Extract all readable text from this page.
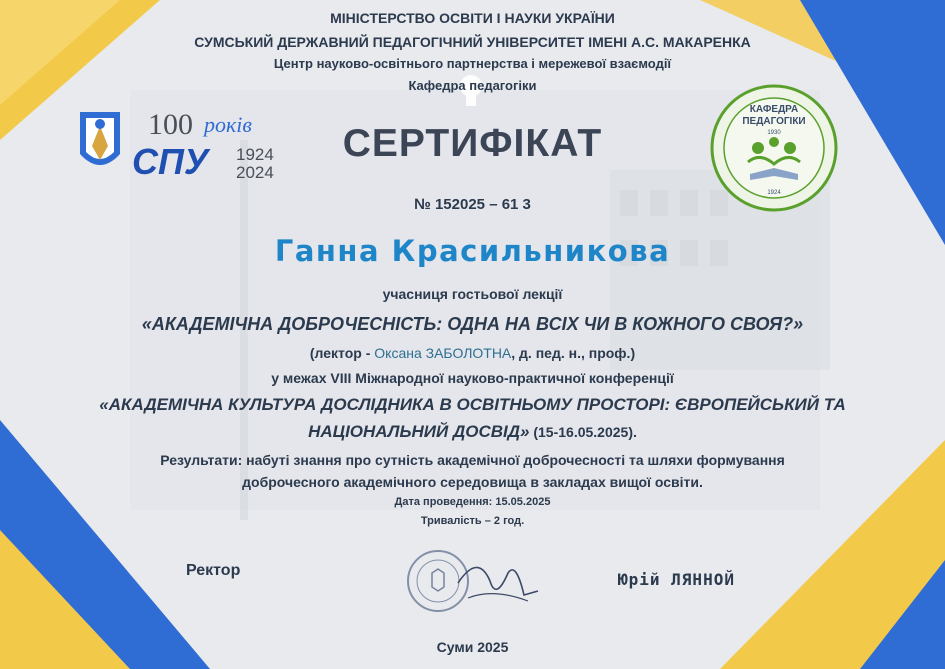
МІНІСТЕРСТВО ОСВІТИ І НАУКИ УКРАЇНИ
СУМСЬКИЙ ДЕРЖАВНИЙ ПЕДАГОГІЧНИЙ УНІВЕРСИТЕТ ІМЕНІ А.С. МАКАРЕНКА
Центр науково-освітнього партнерства і мережевої взаємодії
Кафедра педагогіки
100 років
СПУ 1924
2024
КАФЕДРА
ПЕДАГОГІКИ
1930
1924
СЕРТИФІКАТ
№ 152025 – 61 3
Ганна Красильникова
учасниця гостьової лекції
«АКАДЕМІЧНА ДОБРОЧЕСНІСТЬ: ОДНА НА ВСІХ ЧИ В КОЖНОГО СВОЯ?»
(лектор - Оксана ЗАБОЛОТНА, д. пед. н., проф.)
у межах VIII Міжнародної науково-практичної конференції
«АКАДЕМІЧНА КУЛЬТУРА ДОСЛІДНИКА В ОСВІТНЬОМУ ПРОСТОРІ: ЄВРОПЕЙСЬКИЙ ТА
НАЦІОНАЛЬНИЙ ДОСВІД» (15-16.05.2025).
Результати: набуті знання про сутність академічної доброчесності та шляхи формування
доброчесного академічного середовища в закладах вищої освіти.
Дата проведення: 15.05.2025
Тривалість – 2 год.
Ректор	Юрій ЛЯННОЙ
Суми 2025
